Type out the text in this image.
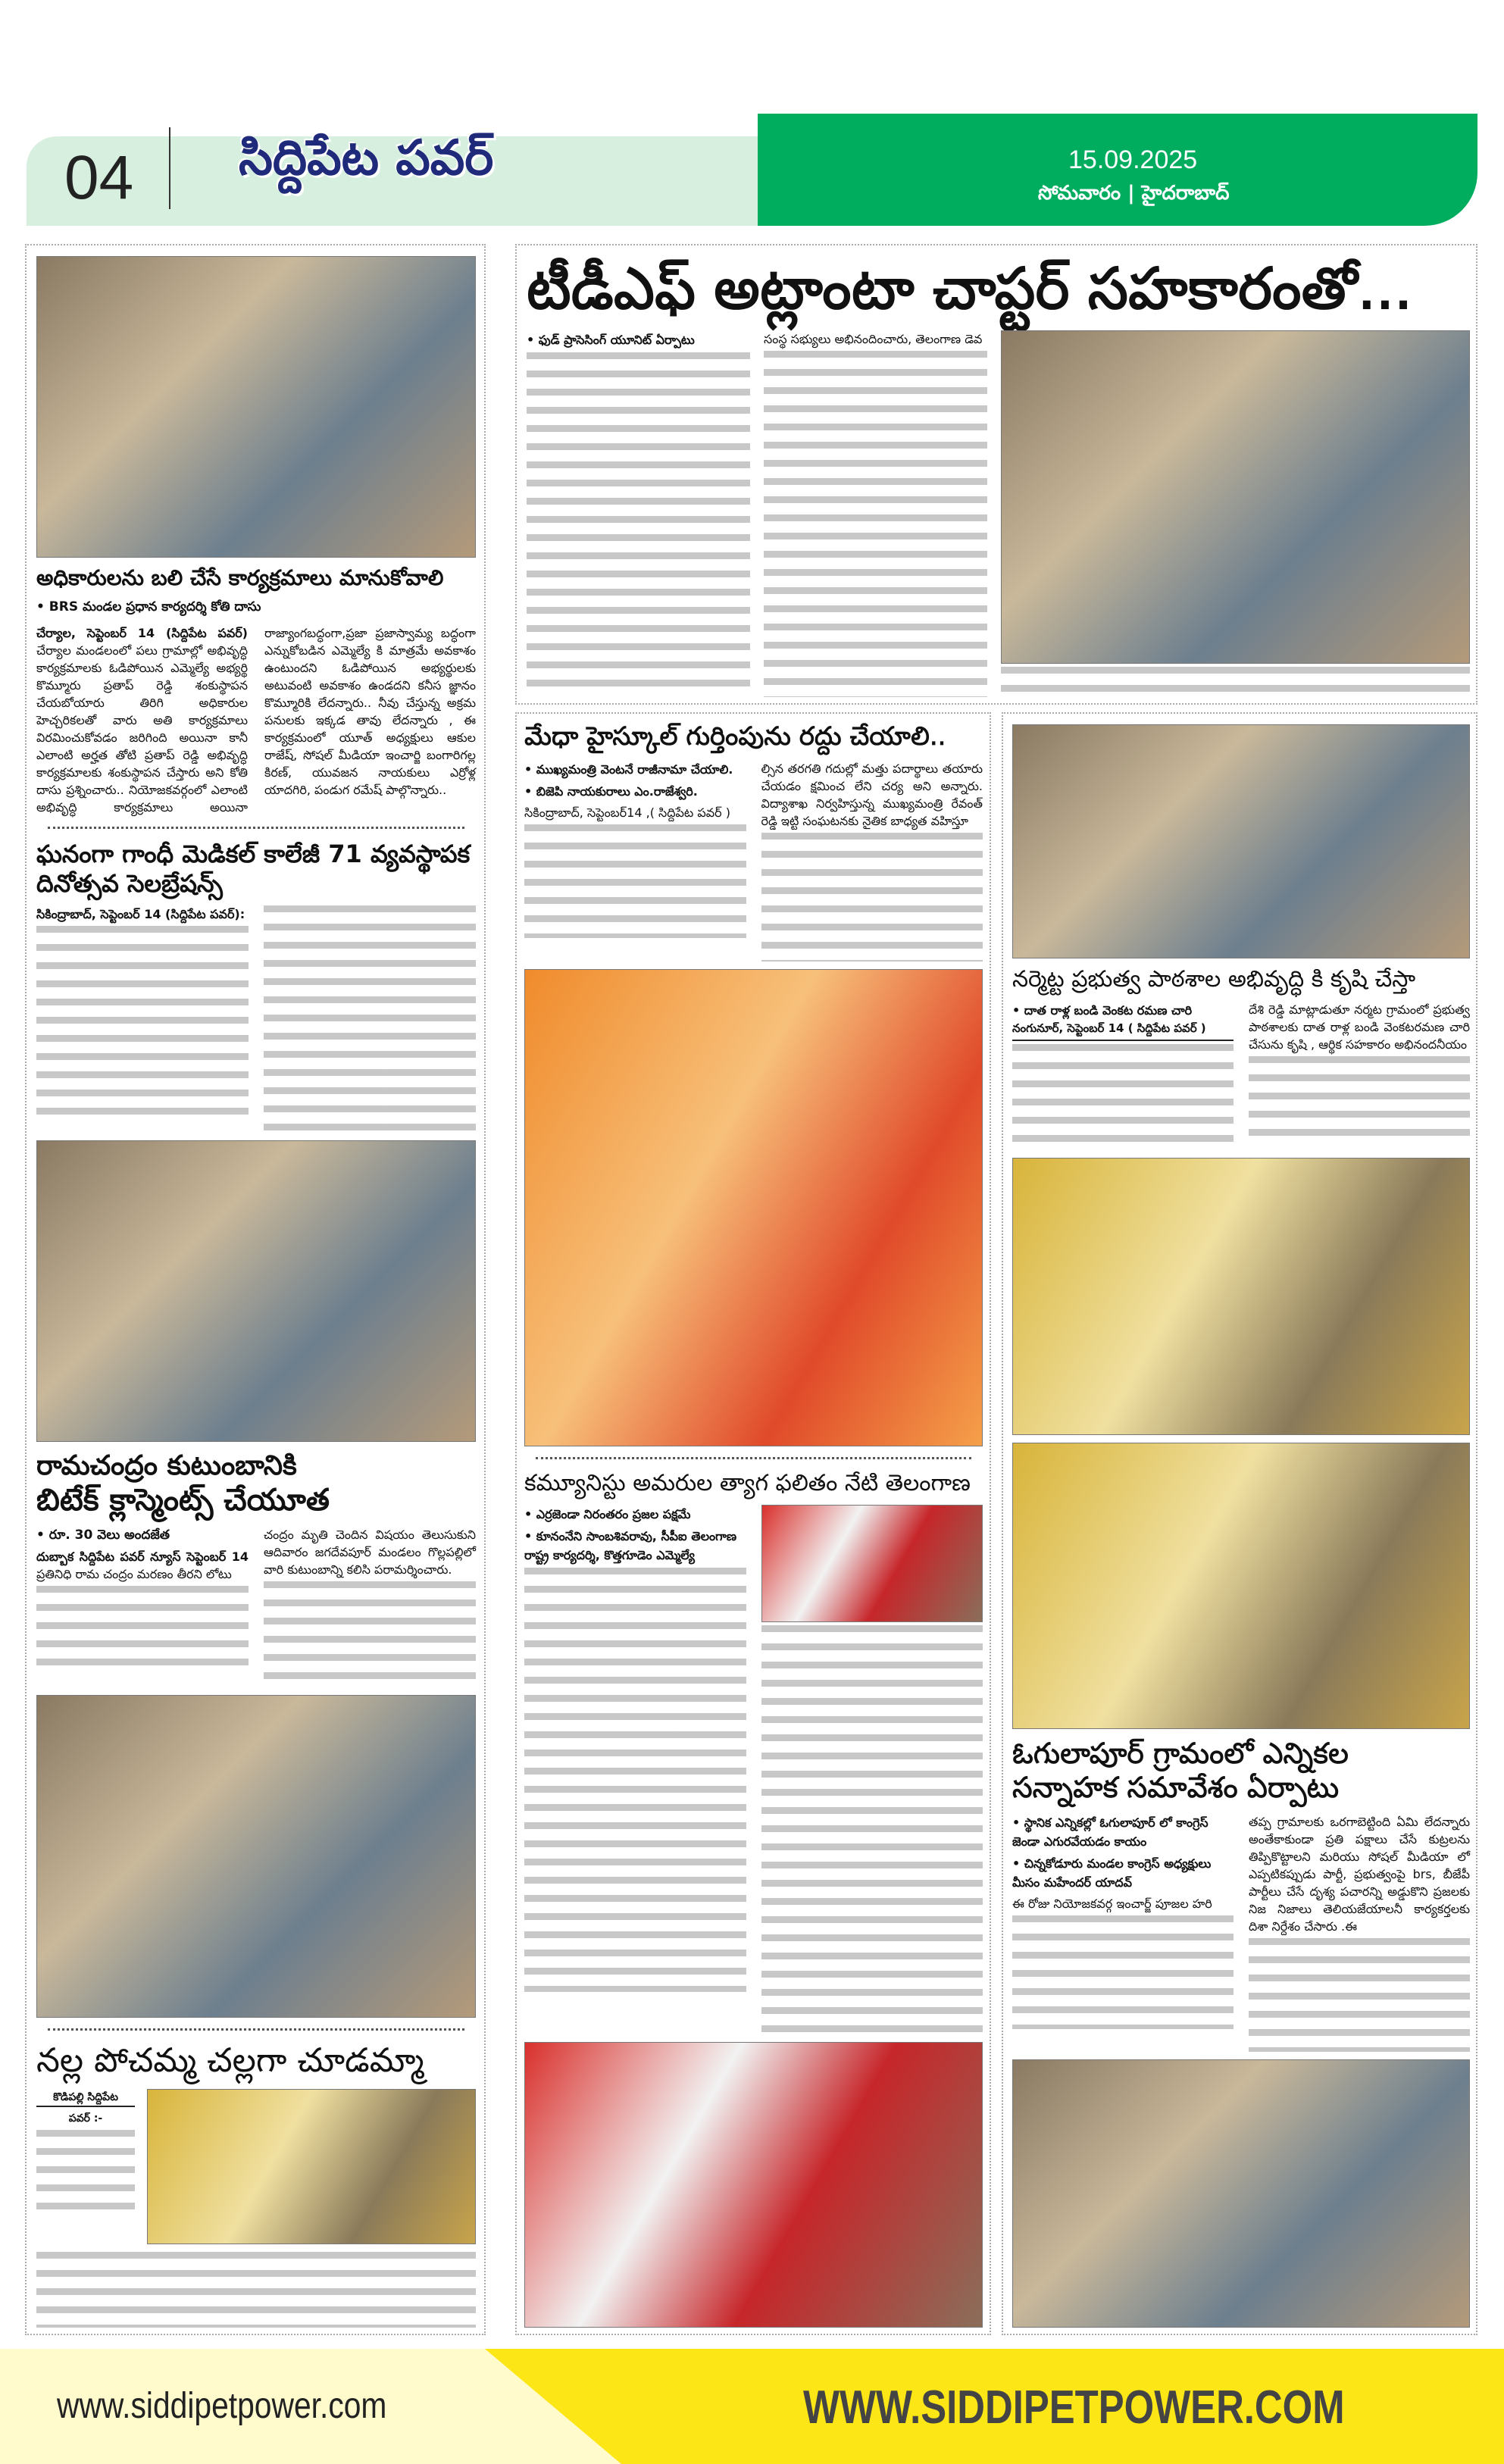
04 సిద్దిపేట పవర్	15.09.2025
సోమవారం | హైదరాబాద్
అధికారులను బలి చేసే కార్యక్రమాలు మానుకోవాలి
• BRS మండల ప్రధాన కార్యదర్శి కోతి దాసు
చేర్యాల, సెప్టెంబర్ 14 (సిద్దిపేట పవర్) చేర్యాల మండలంలో పలు గ్రామాల్లో అభివృద్ధి కార్యక్రమాలకు ఓడిపోయిన ఎమ్మెల్యే అభ్యర్థి కొమ్మూరు ప్రతాప్ రెడ్డి శంకుస్థాపన చేయబోయారు తిరిగి అధికారుల హెచ్చరికలతో వారు అతి కార్యక్రమాలు విరమించుకోవడం జరిగింది అయినా కానీ ఎలాంటి అర్హత తోటి ప్రతాప్ రెడ్డి అభివృద్ధి కార్యక్రమాలకు శంకుస్థాపన చేస్తారు అని కోతి దాసు ప్రశ్నించారు.. నియోజకవర్గంలో ఎలాంటి అభివృద్ధి కార్యక్రమాలు అయినా రాజ్యాంగబద్ధంగా,ప్రజా ప్రజాస్వామ్య బద్ధంగా ఎన్నుకోబడిన ఎమ్మెల్యే కి మాత్రమే అవకాశం ఉంటుందని ఓడిపోయిన అభ్యర్థులకు అటువంటి అవకాశం ఉండదని కనీస జ్ఞానం కొమ్మూరికి లేదన్నారు.. నీవు చేస్తున్న అక్రమ పనులకు ఇక్కడ తావు లేదన్నారు , ఈ కార్యక్రమంలో యూత్ అధ్యక్షులు ఆకుల రాజేష్, సోషల్ మీడియా ఇంచార్జి బంగారిగల్ల కిరణ్, యువజన నాయకులు ఎర్రోళ్ల యాదగిరి, పండుగ రమేష్ పాల్గొన్నారు..
ఘనంగా గాంధీ మెడికల్ కాలేజీ 71 వ్యవస్థాపక దినోత్సవ సెలబ్రేషన్స్
సికింద్రాబాద్, సెప్టెంబర్ 14 (సిద్దిపేట పవర్):
రామచంద్రం కుటుంబానికి
బిటేక్ క్లాస్మెంట్స్ చేయూత
• రూ. 30 వెలు అందజేత
దుబ్బాక సిద్దిపేట పవర్ న్యూస్ సెప్టెంబర్ 14 ప్రతినిధి రామ చంద్రం మరణం తీరని లోటు
చంద్రం మృతి చెందిన విషయం తెలుసుకుని ఆదివారం జగదేవపూర్ మండలం గొల్లపల్లిలో వారి కుటుంబాన్ని కలిసి పరామర్శించారు.
నల్ల పోచమ్మ చల్లగా చూడమ్మా
కొడిపల్లి సిద్దిపేట
పవర్ :-
టీడీఎఫ్ అట్లాంటా చాప్టర్ సహకారంతో...
• ఫుడ్ ప్రాసెసింగ్ యూనిట్ ఏర్పాటు	సంస్థ సభ్యులు అభినందించారు, తెలంగాణ డెవ
మేధా హైస్కూల్ గుర్తింపును రద్దు చేయాలి..
• ముఖ్యమంత్రి వెంటనే రాజీనామా చేయాలి.
• బిజెపి నాయకురాలు ఎం.రాజేశ్వరి.
సికింద్రాబాద్, సెప్టెంబర్14 ,( సిద్దిపేట పవర్ )
ల్సిన తరగతి గదుల్లో మత్తు పదార్థాలు తయారు చేయడం క్షమించ లేని చర్య అని అన్నారు. విద్యాశాఖ నిర్వహిస్తున్న ముఖ్యమంత్రి రేవంత్ రెడ్డి ఇట్టి సంఘటనకు నైతిక బాధ్యత వహిస్తూ
కమ్యూనిస్టు అమరుల త్యాగ ఫలితం నేటి తెలంగాణ
• ఎర్రజెండా నిరంతరం ప్రజల పక్షమే
• కూనంనేని సాంబశివరావు, సీపీఐ తెలంగాణ రాష్ట్ర కార్యదర్శి, కొత్తగూడెం ఎమ్మెల్యే
నర్మెట్ట ప్రభుత్వ పాఠశాల అభివృద్ధి కి కృషి చేస్తా
• దాత రాళ్ల బండి వెంకట రమణ చారి
నంగునూర్, సెప్టెంబర్ 14 ( సిద్దిపేట పవర్ )
దేశి రెడ్డి మాట్లాడుతూ నర్మట గ్రామంలో ప్రభుత్వ పాఠశాలకు దాత రాళ్ల బండి వెంకటరమణ చారి చేసును కృషి , ఆర్థిక సహకారం అభినందనీయం
ఓగులాపూర్ గ్రామంలో ఎన్నికల
సన్నాహక సమావేశం ఏర్పాటు
• స్థానిక ఎన్నికల్లో ఓగులాపూర్ లో కాంగ్రెస్ జెండా ఎగురవేయడం కాయం
• చిన్నకోడూరు మండల కాంగ్రెస్ అధ్యక్షులు మీసం మహేందర్ యాదవ్
ఈ రోజు నియోజకవర్గ ఇంచార్జ్ పూజల హరి
తప్ప గ్రామాలకు ఒరగాబెట్టింది ఏమి లేదన్నారు అంతేకాకుండా ప్రతి పక్షాలు చేసే కుట్రలను తిప్పికొట్టాలని మరియు సోషల్ మీడియా లో ఎప్పటికప్పుడు పార్టీ, ప్రభుత్వంపై brs, బీజేపీ పార్టీలు చేసే దృశ్య పచారన్ని అడ్డుకొని ప్రజలకు నిజ నిజాలు తెలియజేయాలనీ కార్యకర్తలకు దిశా నిర్దేశం చేసారు .ఈ
www.siddipetpower.com	WWW.SIDDIPETPOWER.COM
